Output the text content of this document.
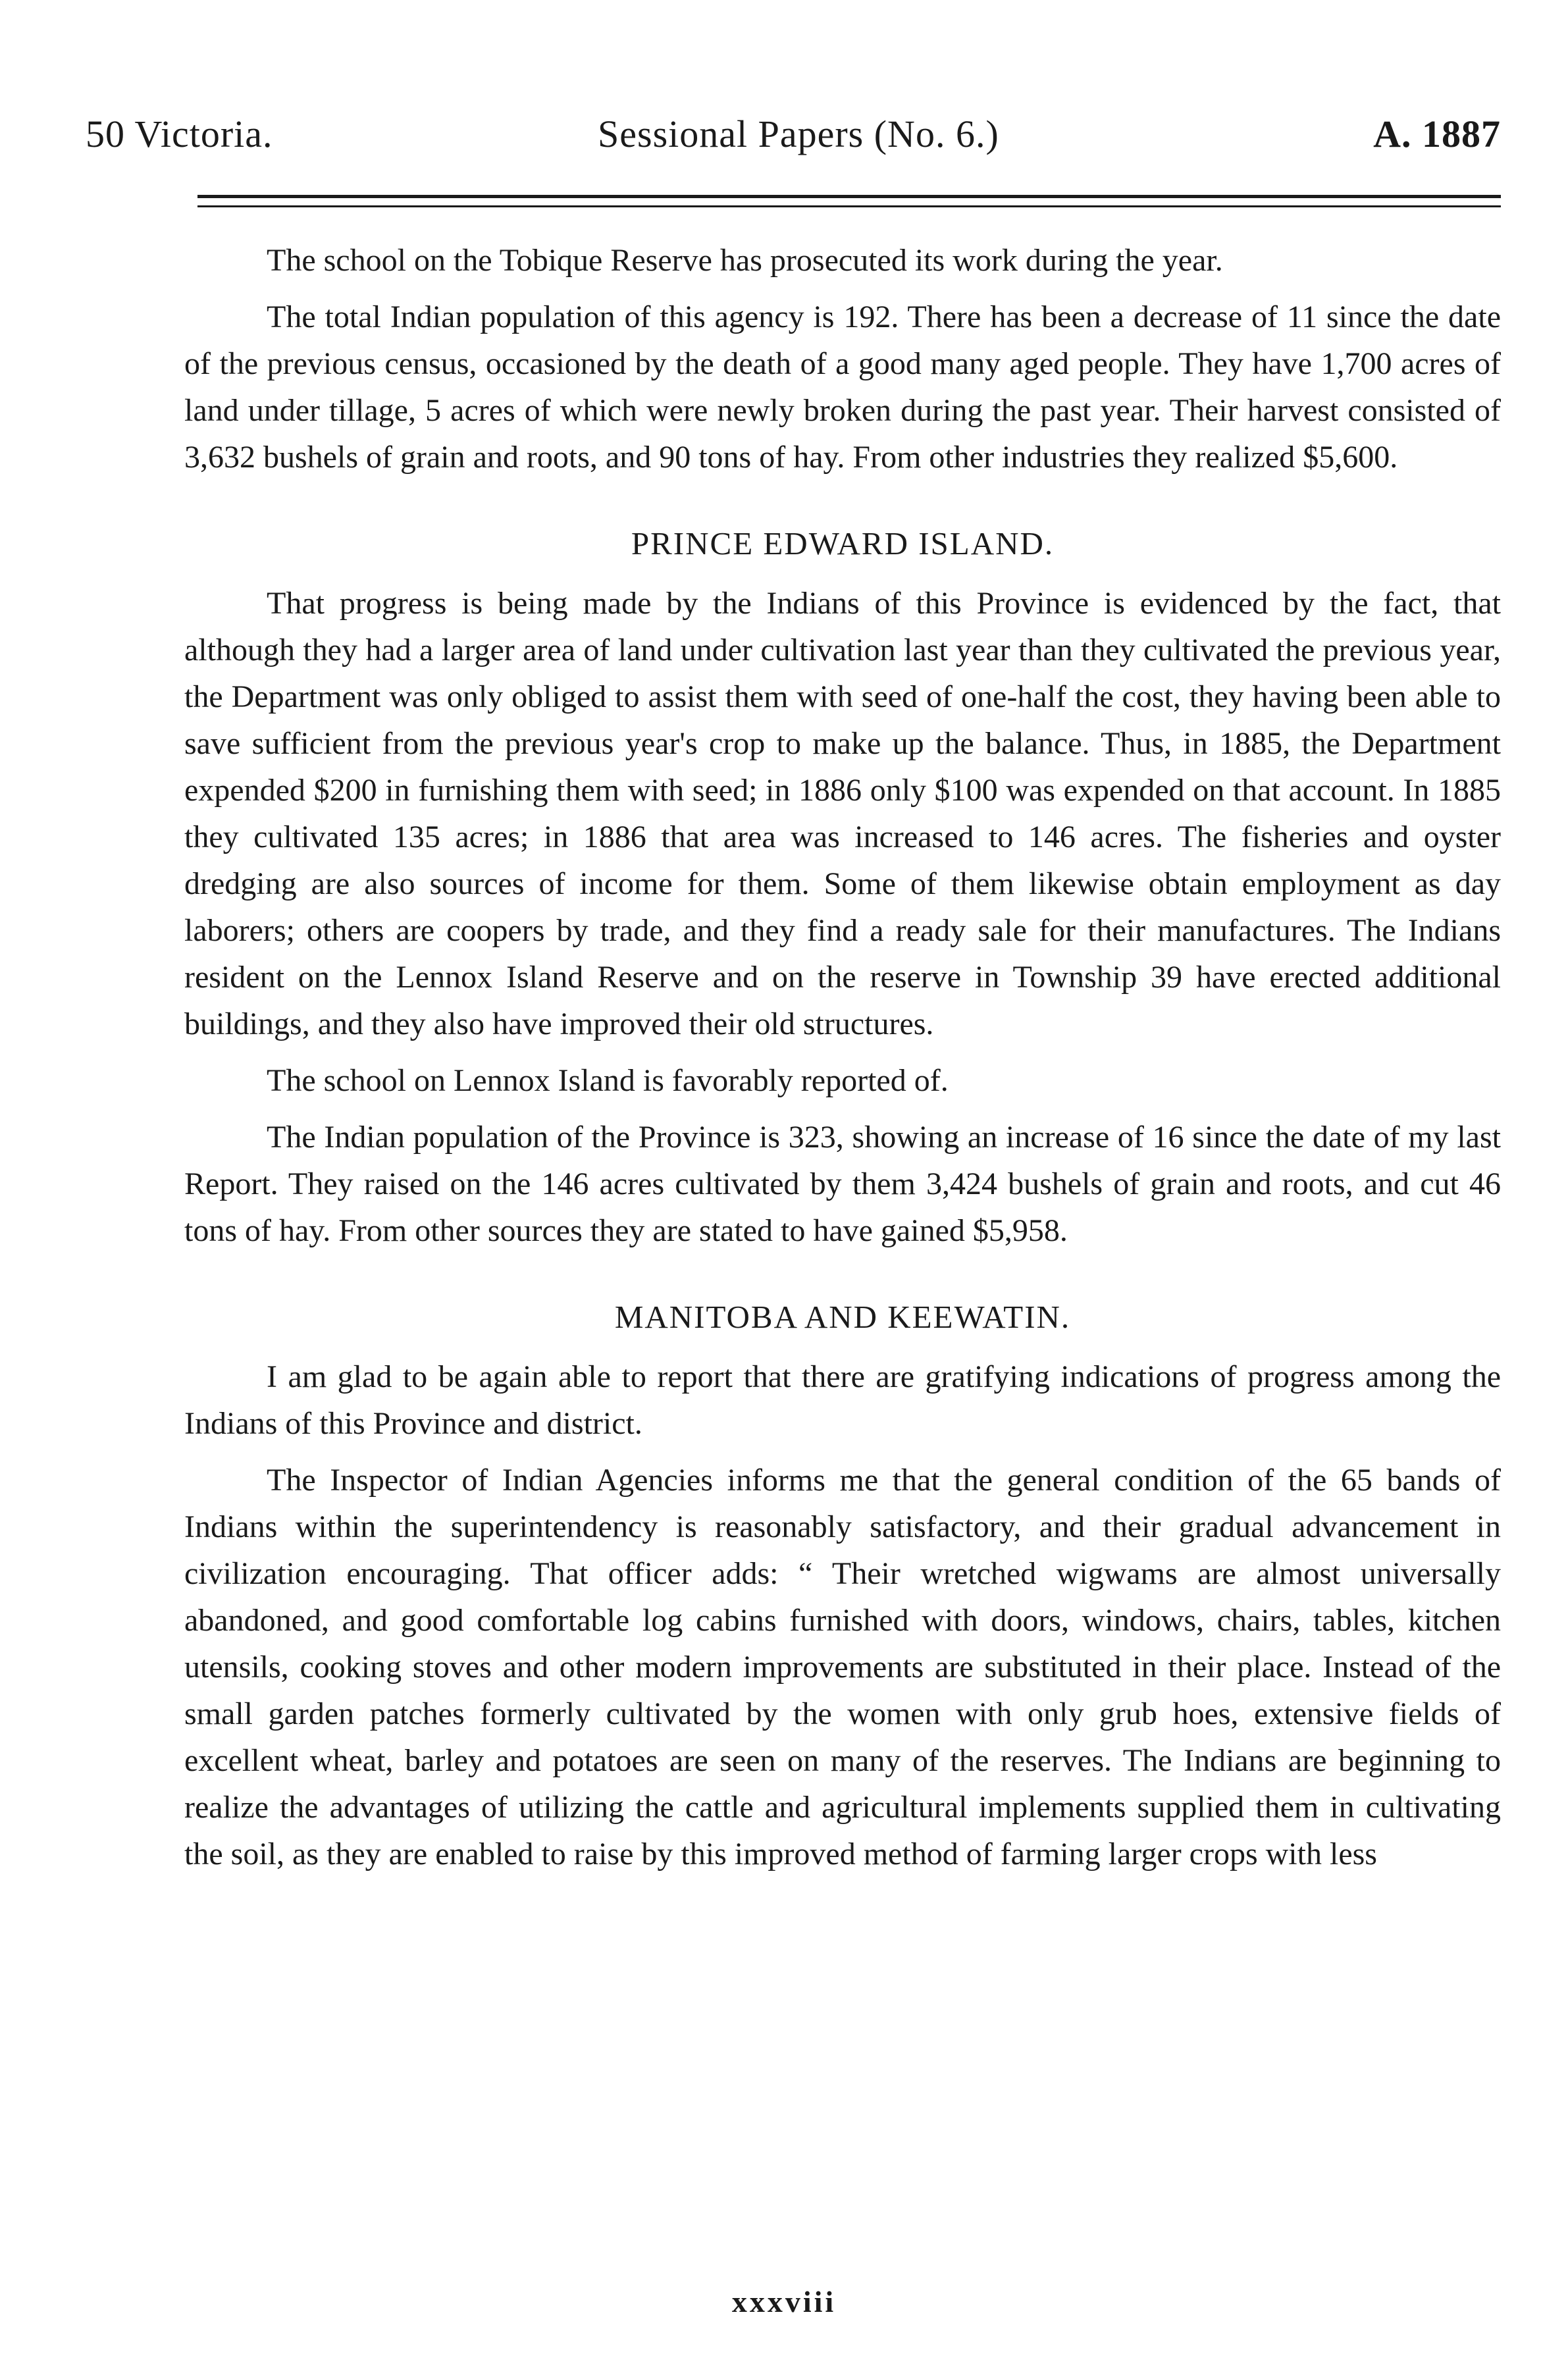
50 Victoria.	Sessional Papers (No. 6.)	A. 1887

The school on the Tobique Reserve has prosecuted its work during the year.

The total Indian population of this agency is 192. There has been a decrease of 11 since the date of the previous census, occasioned by the death of a good many aged people. They have 1,700 acres of land under tillage, 5 acres of which were newly broken during the past year. Their harvest consisted of 3,632 bushels of grain and roots, and 90 tons of hay. From other industries they realized $5,600.

PRINCE EDWARD ISLAND.

That progress is being made by the Indians of this Province is evidenced by the fact, that although they had a larger area of land under cultivation last year than they cultivated the previous year, the Department was only obliged to assist them with seed of one-half the cost, they having been able to save sufficient from the previous year's crop to make up the balance. Thus, in 1885, the Department expended $200 in furnishing them with seed; in 1886 only $100 was expended on that account. In 1885 they cultivated 135 acres; in 1886 that area was increased to 146 acres. The fisheries and oyster dredging are also sources of income for them. Some of them likewise obtain employment as day laborers; others are coopers by trade, and they find a ready sale for their manufactures. The Indians resident on the Lennox Island Reserve and on the reserve in Township 39 have erected additional buildings, and they also have improved their old structures.

The school on Lennox Island is favorably reported of.

The Indian population of the Province is 323, showing an increase of 16 since the date of my last Report. They raised on the 146 acres cultivated by them 3,424 bushels of grain and roots, and cut 46 tons of hay. From other sources they are stated to have gained $5,958.

MANITOBA AND KEEWATIN.

I am glad to be again able to report that there are gratifying indications of progress among the Indians of this Province and district.

The Inspector of Indian Agencies informs me that the general condition of the 65 bands of Indians within the superintendency is reasonably satisfactory, and their gradual advancement in civilization encouraging. That officer adds: “ Their wretched wigwams are almost universally abandoned, and good comfortable log cabins furnished with doors, windows, chairs, tables, kitchen utensils, cooking stoves and other modern improvements are substituted in their place. Instead of the small garden patches formerly cultivated by the women with only grub hoes, extensive fields of excellent wheat, barley and potatoes are seen on many of the reserves. The Indians are beginning to realize the advantages of utilizing the cattle and agricultural implements supplied them in cultivating the soil, as they are enabled to raise by this improved method of farming larger crops with less

xxxviii
